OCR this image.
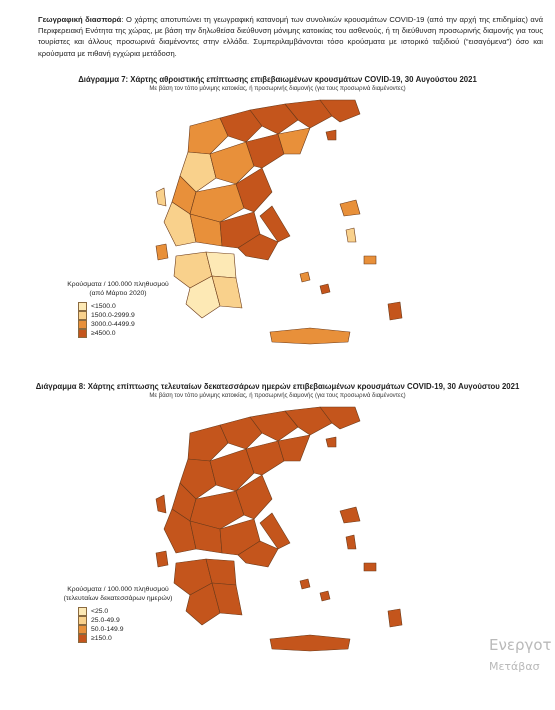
Γεωγραφική διασπορά: Ο χάρτης αποτυπώνει τη γεωγραφική κατανομή των συνολικών κρουσμάτων COVID-19 (από την αρχή της επιδημίας) ανά Περιφερειακή Ενότητα της χώρας, με βάση την δηλωθείσα διεύθυνση μόνιμης κατοικίας του ασθενούς, ή τη διεύθυνση προσωρινής διαμονής για τους τουρίστες και άλλους προσωρινά διαμένοντες στην ελλάδα. Συμπεριλαμβάνονται τόσο κρούσματα με ιστορικό ταξιδιού (“εισαγόμενα”) όσο και κρούσματα με πιθανή εγχώρια μετάδοση.
Διάγραμμα 7: Χάρτης αθροιστικής επίπτωσης επιβεβαιωμένων κρουσμάτων COVID-19, 30 Αυγούστου 2021
Με βάση τον τόπο μόνιμης κατοικίας, ή προσωρινής διαμονής (για τους προσωρινά διαμένοντες)
Κρούσματα / 100.000 πληθυσμού
(από Μάρτιο 2020)
<1500.0
1500.0-2999.9
3000.0-4499.9
≥4500.0
Διάγραμμα 8: Χάρτης επίπτωσης τελευταίων δεκατεσσάρων ημερών επιβεβαιωμένων κρουσμάτων COVID-19, 30 Αυγούστου 2021
Με βάση τον τόπο μόνιμης κατοικίας, ή προσωρινής διαμονής (για τους προσωρινά διαμένοντες)
Κρούσματα / 100.000 πληθυσμού
(τελευταίων δεκατεσσάρων ημερών)
<25.0
25.0-49.9
50.0-149.9
≥150.0	Ενεργοτ
Μετάβασ
